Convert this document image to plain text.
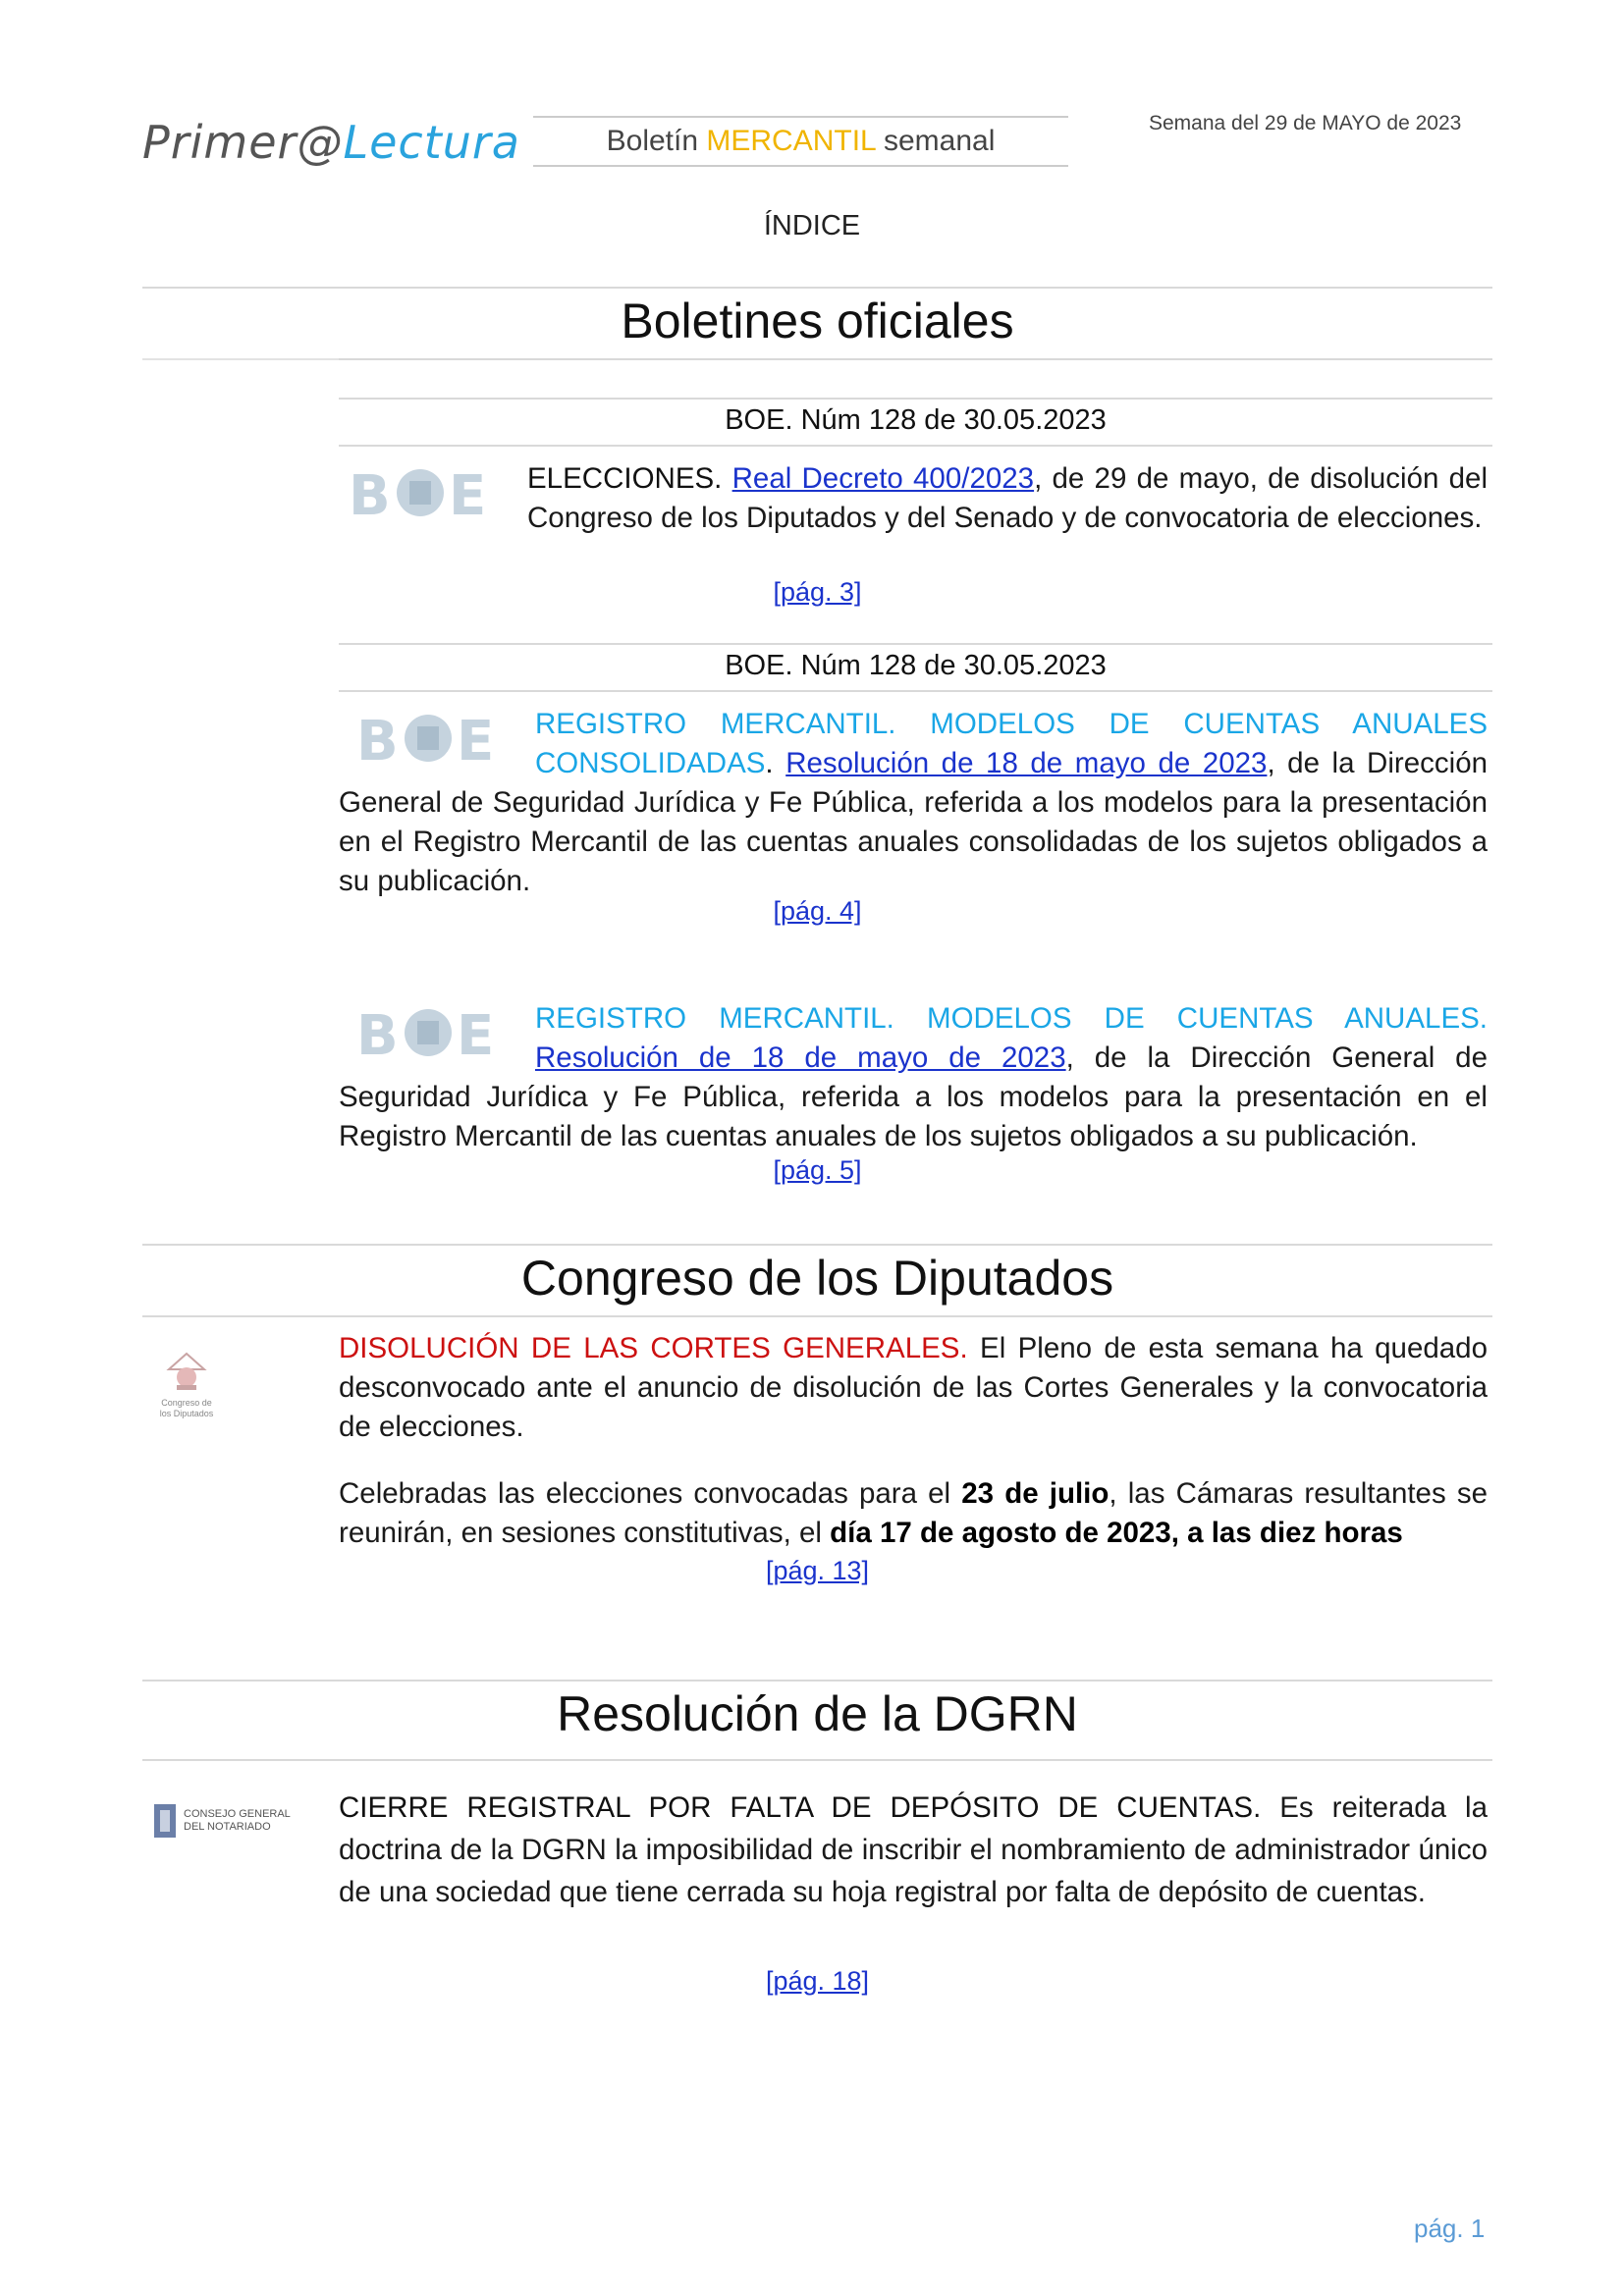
Primer@Lectura	Boletín MERCANTIL semanal
Semana del 29 de MAYO de 2023
ÍNDICE
Boletines oficiales
BOE. Núm 128 de 30.05.2023
B E ELECCIONES. Real Decreto 400/2023, de 29 de mayo, de disolución del Congreso de los Diputados y del Senado y de convocatoria de elecciones.
[pág. 3]
BOE. Núm 128 de 30.05.2023
B E REGISTRO MERCANTIL. MODELOS DE CUENTAS ANUALES CONSOLIDADAS. Resolución de 18 de mayo de 2023, de la Dirección General de Seguridad Jurídica y Fe Pública, referida a los modelos para la presentación en el Registro Mercantil de las cuentas anuales consolidadas de los sujetos obligados a su publicación.
[pág. 4]
B E REGISTRO MERCANTIL. MODELOS DE CUENTAS ANUALES. Resolución de 18 de mayo de 2023, de la Dirección General de Seguridad Jurídica y Fe Pública, referida a los modelos para la presentación en el Registro Mercantil de las cuentas anuales de los sujetos obligados a su publicación.
[pág. 5]
Congreso de los Diputados
Congreso de
los Diputados
DISOLUCIÓN DE LAS CORTES GENERALES. El Pleno de esta semana ha quedado desconvocado ante el anuncio de disolución de las Cortes Generales y la convocatoria de elecciones.
Celebradas las elecciones convocadas para el 23 de julio, las Cámaras resultantes se reunirán, en sesiones constitutivas, el día 17 de agosto de 2023, a las diez horas
[pág. 13]
Resolución de la DGRN
CONSEJO GENERAL
DEL NOTARIADO
CIERRE REGISTRAL POR FALTA DE DEPÓSITO DE CUENTAS. Es reiterada la doctrina de la DGRN la imposibilidad de inscribir el nombramiento de administrador único de una sociedad que tiene cerrada su hoja registral por falta de depósito de cuentas.
[pág. 18]
pág. 1
